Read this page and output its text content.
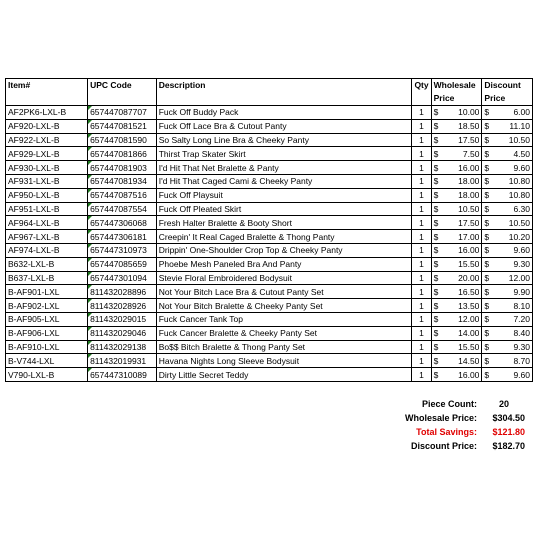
Item#	UPC Code	Description	Qty	Wholesale Price		Discount Price	
AF2PK6-LXL-B	657447087707	Fuck Off Buddy Pack	1	$	10.00	$	6.00
AF920-LXL-B	657447081521	Fuck Off Lace Bra & Cutout Panty	1	$	18.50	$	11.10
AF922-LXL-B	657447081590	So Salty Long Line Bra & Cheeky Panty	1	$	17.50	$	10.50
AF929-LXL-B	657447081866	Thirst Trap Skater Skirt	1	$	7.50	$	4.50
AF930-LXL-B	657447081903	I'd Hit That Net Bralette & Panty	1	$	16.00	$	9.60
AF931-LXL-B	657447081934	I'd Hit That Caged Cami & Cheeky Panty	1	$	18.00	$	10.80
AF950-LXL-B	657447087516	Fuck Off Playsuit	1	$	18.00	$	10.80
AF951-LXL-B	657447087554	Fuck Off Pleated Skirt	1	$	10.50	$	6.30
AF964-LXL-B	657447306068	Fresh Halter Bralette & Booty Short	1	$	17.50	$	10.50
AF967-LXL-B	657447306181	Creepin' It Real Caged Bralette & Thong Panty	1	$	17.00	$	10.20
AF974-LXL-B	657447310973	Drippin' One-Shoulder Crop Top & Cheeky Panty	1	$	16.00	$	9.60
B632-LXL-B	657447085659	Phoebe Mesh Paneled Bra And Panty	1	$	15.50	$	9.30
B637-LXL-B	657447301094	Stevie Floral Embroidered Bodysuit	1	$	20.00	$	12.00
B-AF901-LXL	811432028896	Not Your Bitch Lace Bra & Cutout Panty Set	1	$	16.50	$	9.90
B-AF902-LXL	811432028926	Not Your Bitch Bralette & Cheeky Panty Set	1	$	13.50	$	8.10
B-AF905-LXL	811432029015	Fuck Cancer Tank Top	1	$	12.00	$	7.20
B-AF906-LXL	811432029046	Fuck Cancer Bralette & Cheeky Panty Set	1	$	14.00	$	8.40
B-AF910-LXL	811432029138	Bo$$ Bitch Bralette & Thong Panty Set	1	$	15.50	$	9.30
B-V744-LXL	811432019931	Havana Nights Long Sleeve Bodysuit	1	$	14.50	$	8.70
V790-LXL-B	657447310089	Dirty Little Secret Teddy	1	$	16.00	$	9.60
Piece Count:	20
Wholesale Price:	$304.50
Total Savings:	$121.80
Discount Price:	$182.70
